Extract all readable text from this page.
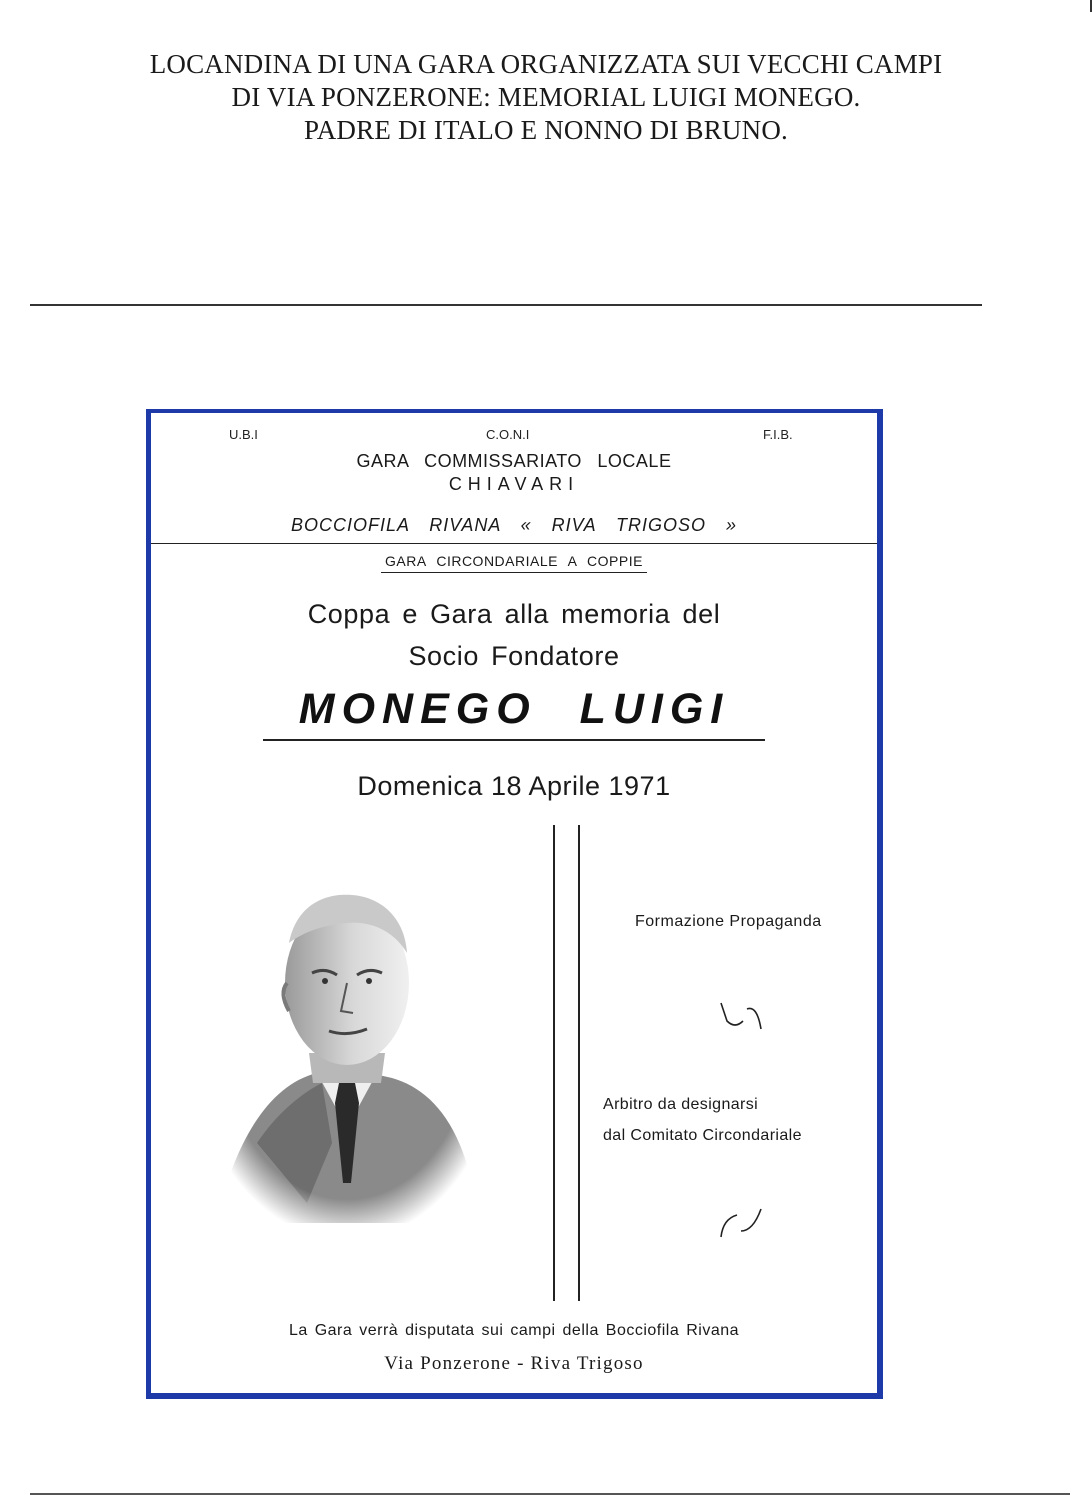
LOCANDINA DI UNA GARA ORGANIZZATA SUI VECCHI CAMPI
DI VIA PONZERONE: MEMORIAL LUIGI MONEGO.
PADRE DI ITALO E NONNO DI BRUNO.
U.B.I	C.O.N.I	F.I.B.
GARA COMMISSARIATO LOCALE
CHIAVARI
BOCCIOFILA RIVANA « RIVA TRIGOSO »
GARA CIRCONDARIALE A COPPIE
Coppa e Gara alla memoria del
Socio Fondatore
MONEGO LUIGI
Domenica 18 Aprile 1971
Formazione Propaganda
Arbitro da designarsi
dal Comitato Circondariale
La Gara verrà disputata sui campi della Bocciofila Rivana
Via Ponzerone - Riva Trigoso
